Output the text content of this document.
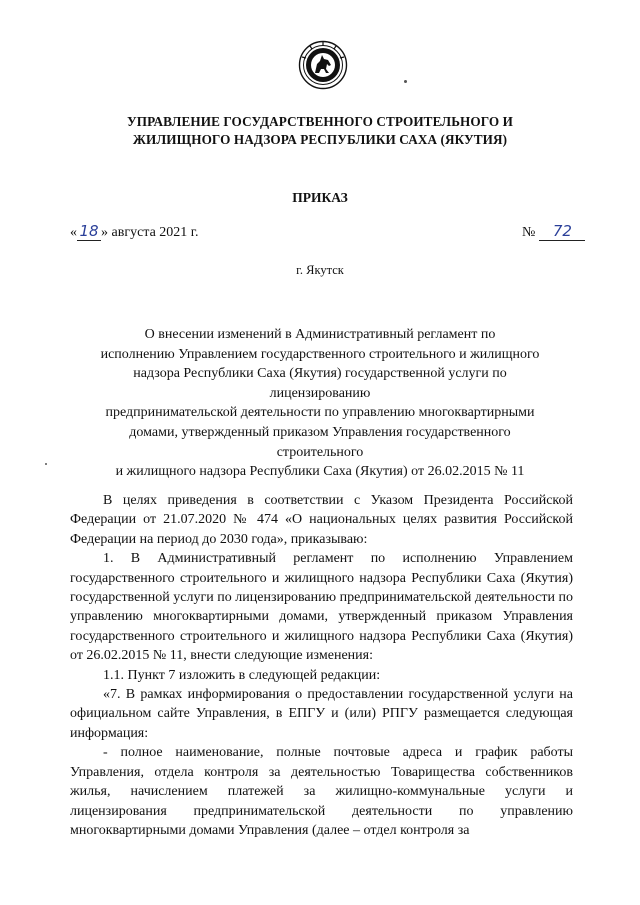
УПРАВЛЕНИЕ ГОСУДАРСТВЕННОГО СТРОИТЕЛЬНОГО И
ЖИЛИЩНОГО НАДЗОРА РЕСПУБЛИКИ САХА (ЯКУТИЯ)
ПРИКАЗ
« 18 » августа 2021 г.	№ 72
г. Якутск
О внесении изменений в Административный регламент по
исполнению Управлением государственного строительного и жилищного
надзора Республики Саха (Якутия) государственной услуги по лицензированию
предпринимательской деятельности по управлению многоквартирными
домами, утвержденный приказом Управления государственного строительного
и жилищного надзора Республики Саха (Якутия) от 26.02.2015 № 11

В целях приведения в соответствии с Указом Президента Российской Федерации от 21.07.2020 № 474 «О национальных целях развития Российской Федерации на период до 2030 года», приказываю:

1. В Административный регламент по исполнению Управлением государственного строительного и жилищного надзора Республики Саха (Якутия) государственной услуги по лицензированию предпринимательской деятельности по управлению многоквартирными домами, утвержденный приказом Управления государственного строительного и жилищного надзора Республики Саха (Якутия) от 26.02.2015 № 11, внести следующие изменения:

1.1. Пункт 7 изложить в следующей редакции:

«7. В рамках информирования о предоставлении государственной услуги на официальном сайте Управления, в ЕПГУ и (или) РПГУ размещается следующая информация:

- полное наименование, полные почтовые адреса и график работы Управления, отдела контроля за деятельностью Товарищества собственников жилья, начислением платежей за жилищно-коммунальные услуги и лицензирования предпринимательской деятельности по управлению многоквартирными домами Управления (далее – отдел контроля за
